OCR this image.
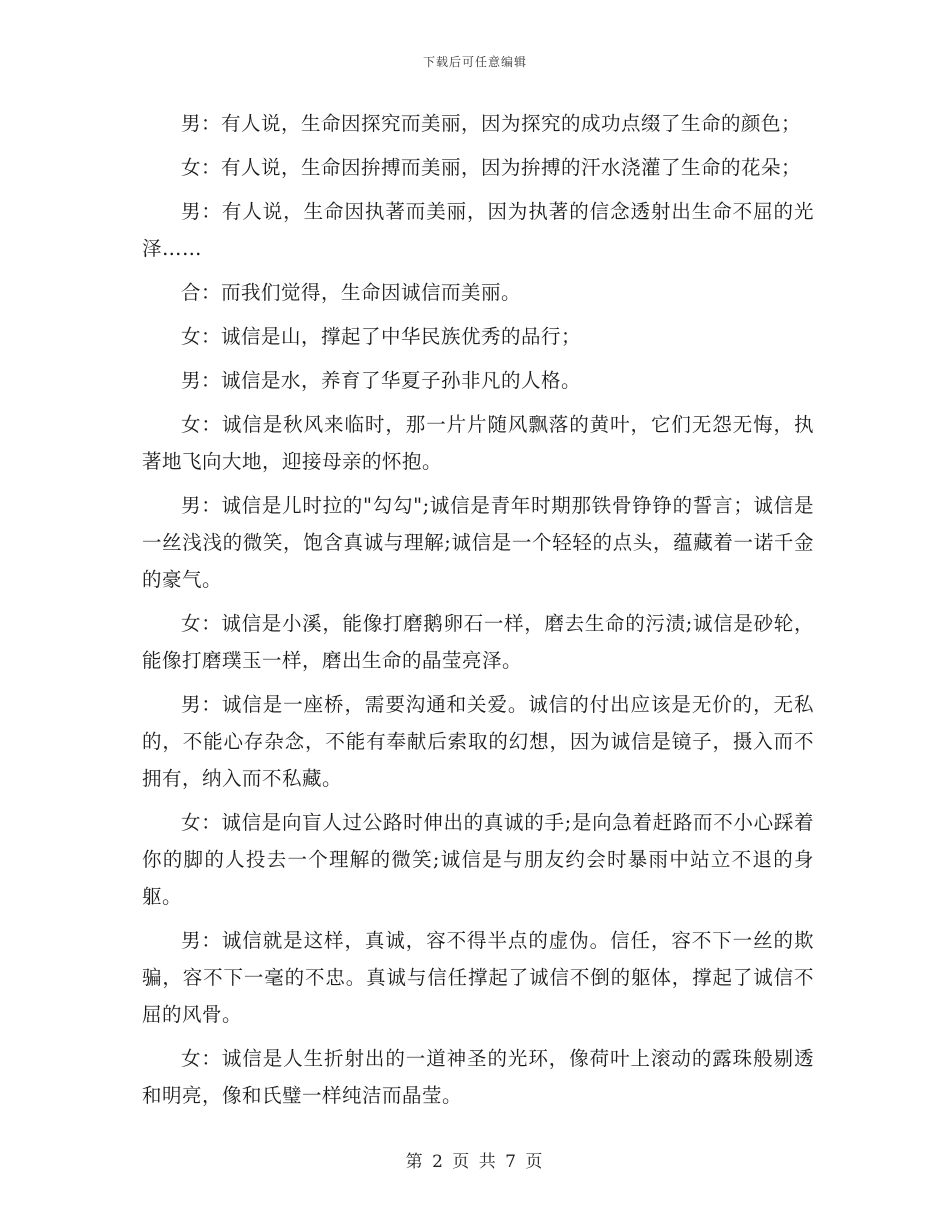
下载后可任意编辑

男：有人说，生命因探究而美丽，因为探究的成功点缀了生命的颜色；

女：有人说，生命因拚搏而美丽，因为拚搏的汗水浇灌了生命的花朵；

男：有人说，生命因执著而美丽，因为执著的信念透射出生命不屈的光泽……

合：而我们觉得，生命因诚信而美丽。

女：诚信是山，撑起了中华民族优秀的品行；

男：诚信是水，养育了华夏子孙非凡的人格。

女：诚信是秋风来临时，那一片片随风飘落的黄叶，它们无怨无悔，执著地飞向大地，迎接母亲的怀抱。

男：诚信是儿时拉的"勾勾";诚信是青年时期那铁骨铮铮的誓言；诚信是一丝浅浅的微笑，饱含真诚与理解;诚信是一个轻轻的点头，蕴藏着一诺千金的豪气。

女：诚信是小溪，能像打磨鹅卵石一样，磨去生命的污渍;诚信是砂轮，能像打磨璞玉一样，磨出生命的晶莹亮泽。

男：诚信是一座桥，需要沟通和关爱。诚信的付出应该是无价的，无私的，不能心存杂念，不能有奉献后索取的幻想，因为诚信是镜子，摄入而不拥有，纳入而不私藏。

女：诚信是向盲人过公路时伸出的真诚的手;是向急着赶路而不小心踩着你的脚的人投去一个理解的微笑;诚信是与朋友约会时暴雨中站立不退的身躯。

男：诚信就是这样，真诚，容不得半点的虚伪。信任，容不下一丝的欺骗，容不下一毫的不忠。真诚与信任撑起了诚信不倒的躯体，撑起了诚信不屈的风骨。

女：诚信是人生折射出的一道神圣的光环，像荷叶上滚动的露珠般剔透和明亮，像和氏璧一样纯洁而晶莹。

第 2 页 共 7 页
